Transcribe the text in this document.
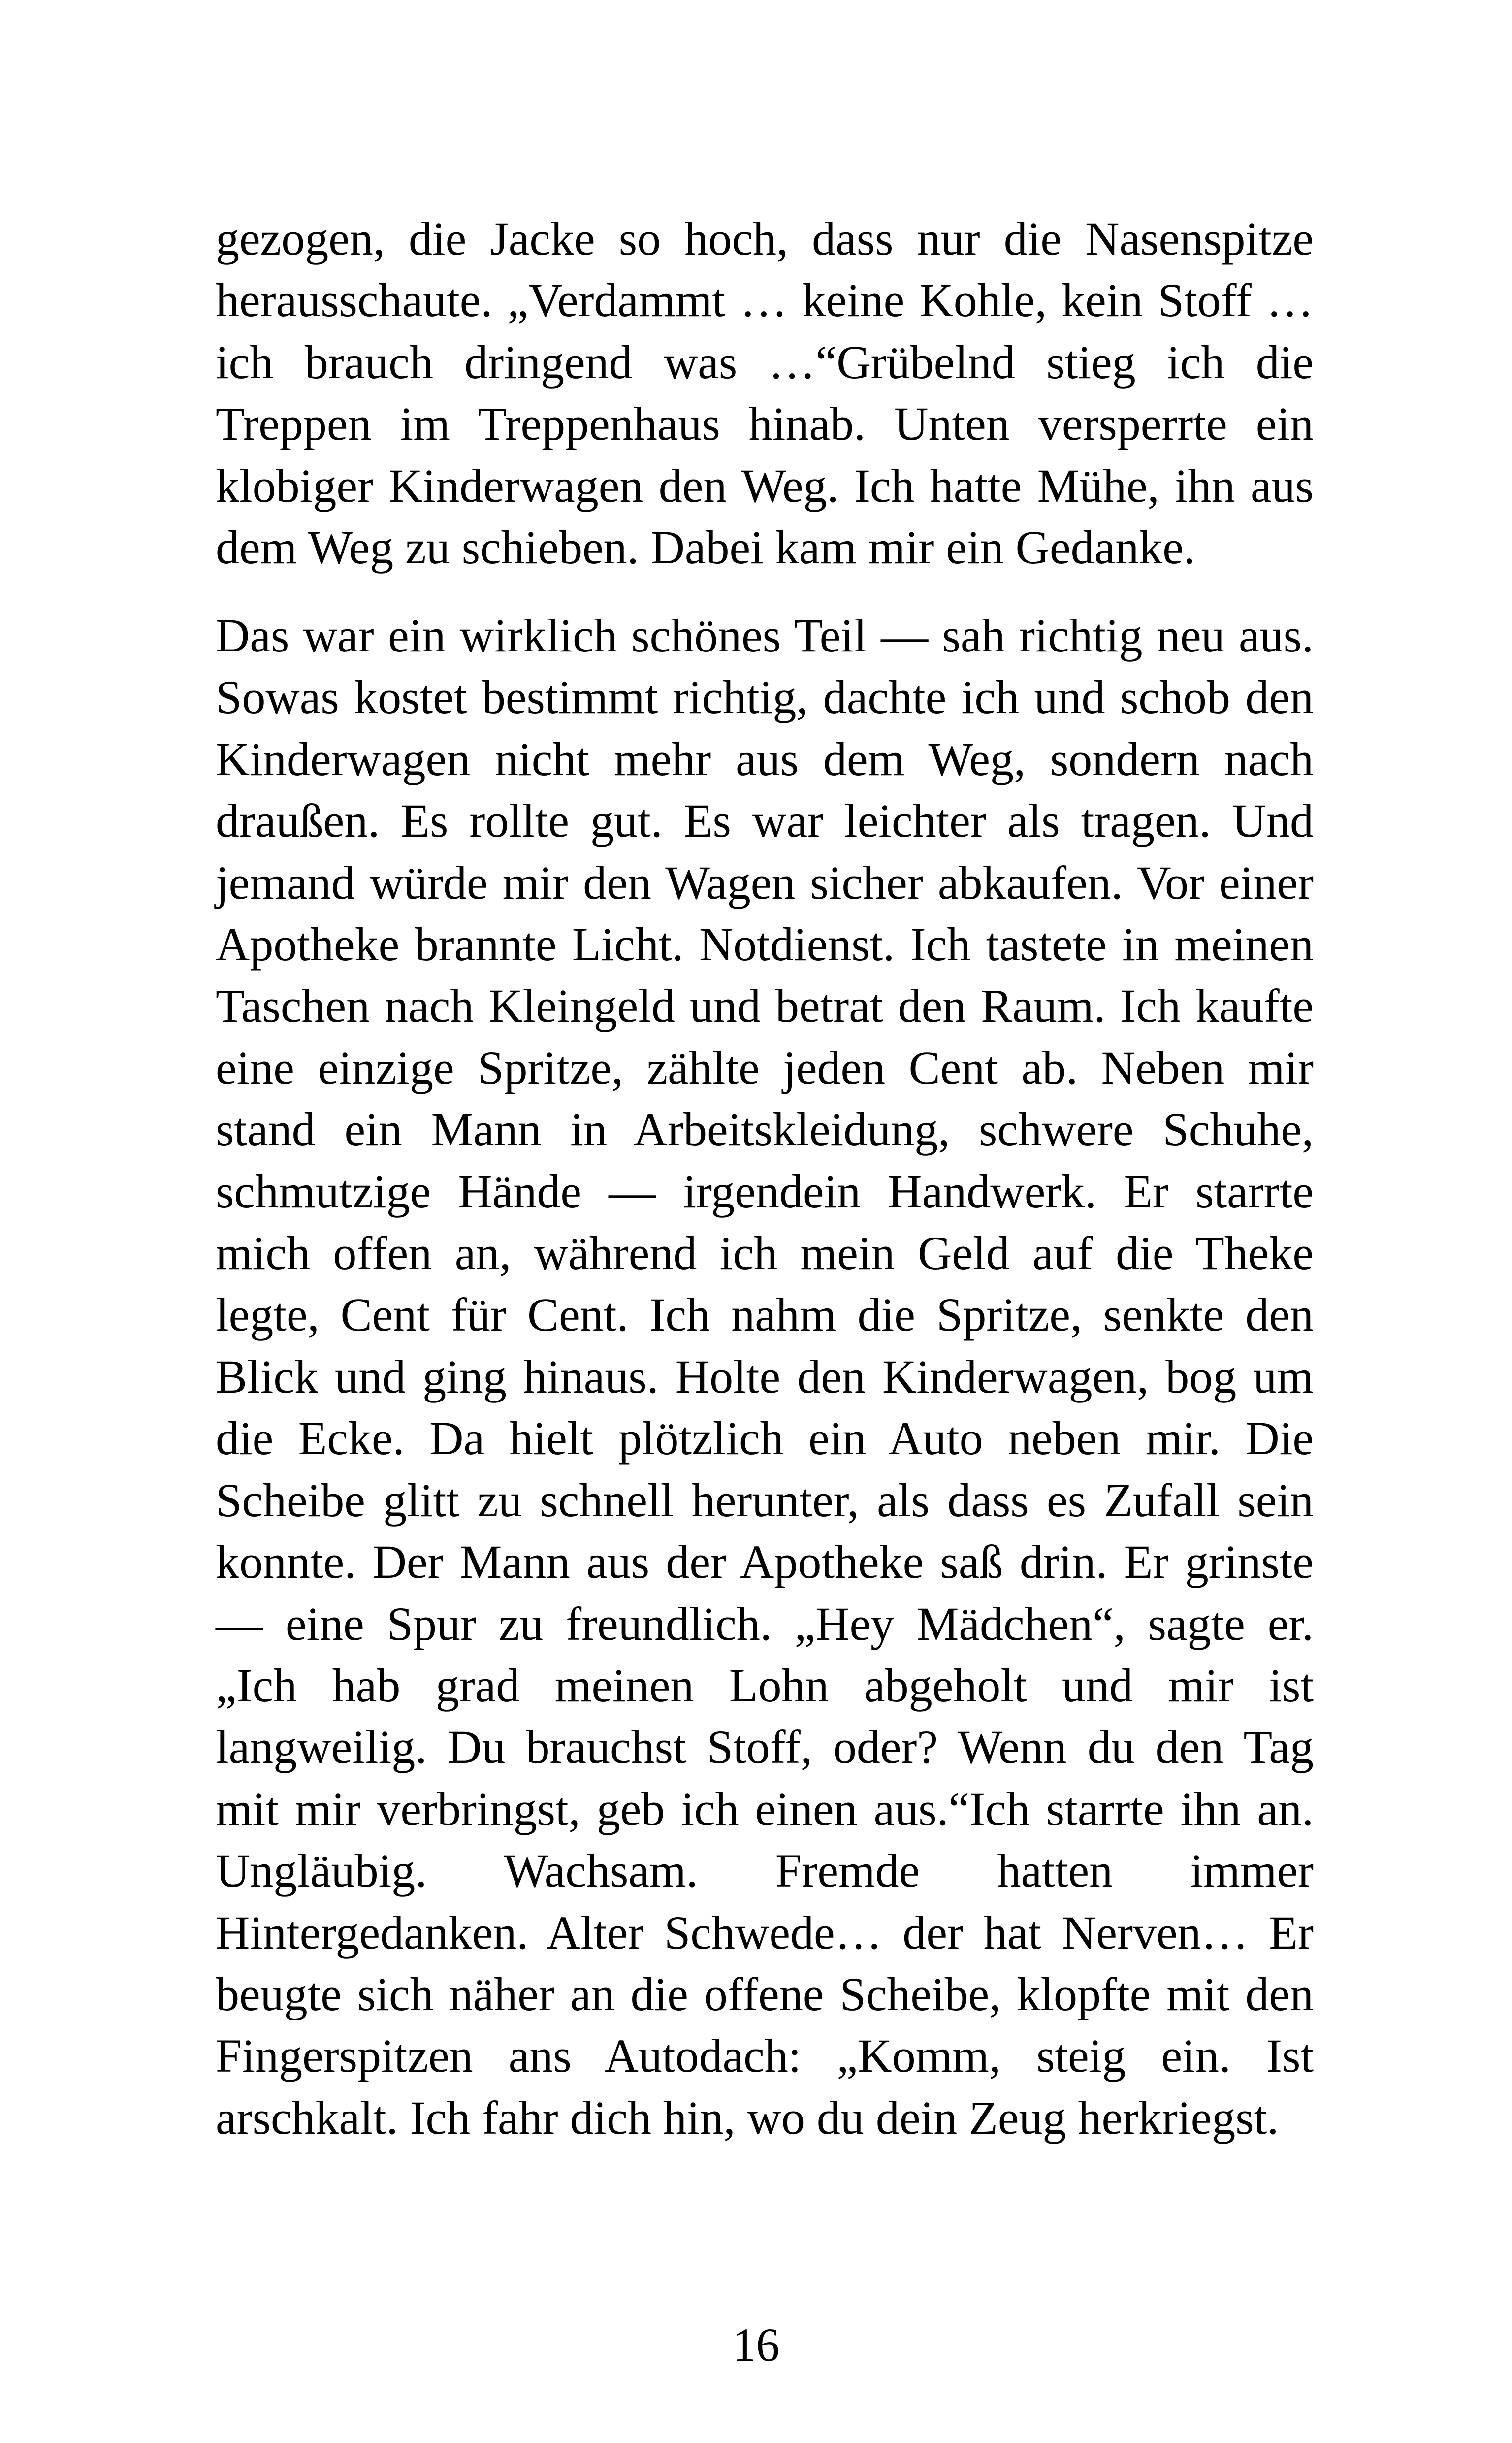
gezogen, die Jacke so hoch, dass nur die Nasenspitze herausschaute. „Verdammt … keine Kohle, kein Stoff … ich brauch dringend was …“Grübelnd stieg ich die Treppen im Treppenhaus hinab. Unten versperrte ein klobiger Kinderwagen den Weg. Ich hatte Mühe, ihn aus dem Weg zu schieben. Dabei kam mir ein Gedanke.

Das war ein wirklich schönes Teil — sah richtig neu aus. Sowas kostet bestimmt richtig, dachte ich und schob den Kinderwagen nicht mehr aus dem Weg, sondern nach draußen. Es rollte gut. Es war leichter als tragen. Und jemand würde mir den Wagen sicher abkaufen. Vor einer Apotheke brannte Licht. Notdienst. Ich tastete in meinen Taschen nach Kleingeld und betrat den Raum. Ich kaufte eine einzige Spritze, zählte jeden Cent ab. Neben mir stand ein Mann in Arbeitskleidung, schwere Schuhe, schmutzige Hände — irgendein Handwerk. Er starrte mich offen an, während ich mein Geld auf die Theke legte, Cent für Cent. Ich nahm die Spritze, senkte den Blick und ging hinaus. Holte den Kinderwagen, bog um die Ecke. Da hielt plötzlich ein Auto neben mir. Die Scheibe glitt zu schnell herunter, als dass es Zufall sein konnte. Der Mann aus der Apotheke saß drin. Er grinste — eine Spur zu freundlich. „Hey Mädchen“, sagte er. „Ich hab grad meinen Lohn abgeholt und mir ist langweilig. Du brauchst Stoff, oder? Wenn du den Tag mit mir verbringst, geb ich einen aus.“Ich starrte ihn an. Ungläubig. Wachsam. Fremde hatten immer Hintergedanken. Alter Schwede… der hat Nerven… Er beugte sich näher an die offene Scheibe, klopfte mit den Fingerspitzen ans Autodach: „Komm, steig ein. Ist arschkalt. Ich fahr dich hin, wo du dein Zeug herkriegst.

16
